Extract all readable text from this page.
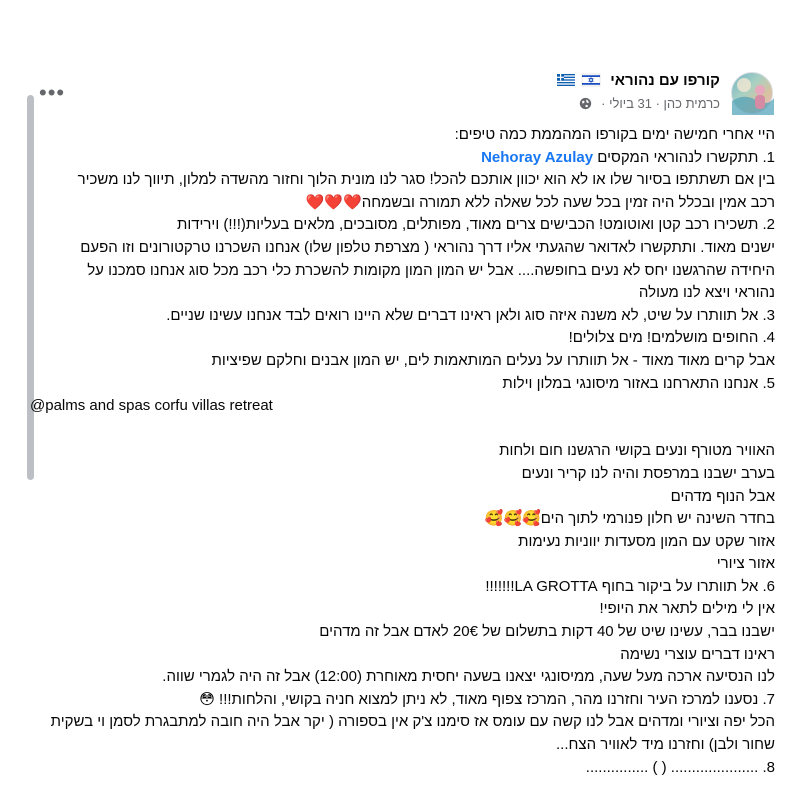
•••	קורפו עם נהוראי
כרמית כהן · 31 ביולי ·
היי אחרי חמישה ימים בקורפו המהממת כמה טיפים:
1. תתקשרו לנהוראי המקסים Nehoray Azulay
בין אם תשתתפו בסיור שלו או לא הוא יכוון אותכם להכל! סגר לנו מונית הלוך וחזור מהשדה למלון, תיווך לנו משכיר
רכב אמין ובכלל היה זמין בכל שעה לכל שאלה ללא תמורה ובשמחה❤️❤️❤️
2. תשכירו רכב קטן ואוטומט! הכבישים צרים מאוד, מפותלים, מסובכים, מלאים בעליות(!!!) וירידות
ישנים מאוד. ותתקשרו לאדואר שהגעתי אליו דרך נהוראי ( מצרפת טלפון שלו) אנחנו השכרנו טרקטורונים וזו הפעם
היחידה שהרגשנו יחס לא נעים בחופשה.... אבל יש המון המון מקומות להשכרת כלי רכב מכל סוג אנחנו סמכנו על
נהוראי ויצא לנו מעולה
3. אל תוותרו על שיט, לא משנה איזה סוג ולאן ראינו דברים שלא היינו רואים לבד אנחנו עשינו שניים.
4. החופים מושלמים! מים צלולים!
אבל קרים מאוד מאוד - אל תוותרו על נעלים המותאמות לים, יש המון אבנים וחלקם שפיציות
5. אנחנו התארחנו באזור מיסונגי במלון וילות
@palms and spas corfu villas retreat
האוויר מטורף ונעים בקושי הרגשנו חום ולחות
בערב ישבנו במרפסת והיה לנו קריר ונעים
אבל הנוף מדהים
בחדר השינה יש חלון פנורמי לתוך הים🥰🥰🥰
אזור שקט עם המון מסעדות יווניות נעימות
אזור ציורי
6. אל תוותרו על ביקור בחוף LA GROTTA!!!!!!!
אין לי מילים לתאר את היופי!
ישבנו בבר, עשינו שיט של 40 דקות בתשלום של 20€ לאדם אבל זה מדהים
ראינו דברים עוצרי נשימה
לנו הנסיעה ארכה מעל שעה, ממיסונגי יצאנו בשעה יחסית מאוחרת (12:00) אבל זה היה לגמרי שווה.
7. נסענו למרכז העיר וחזרנו מהר, המרכז צפוף מאוד, לא ניתן למצוא חניה בקושי, והלחות!!! 😳
הכל יפה וציורי ומדהים אבל לנו קשה עם עומס אז סימנו צ'ק אין בספורה ( יקר אבל היה חובה למתבגרת לסמן וי בשקית
שחור ולבן) וחזרנו מיד לאוויר הצח...
8. ..................... ( ) ...............
